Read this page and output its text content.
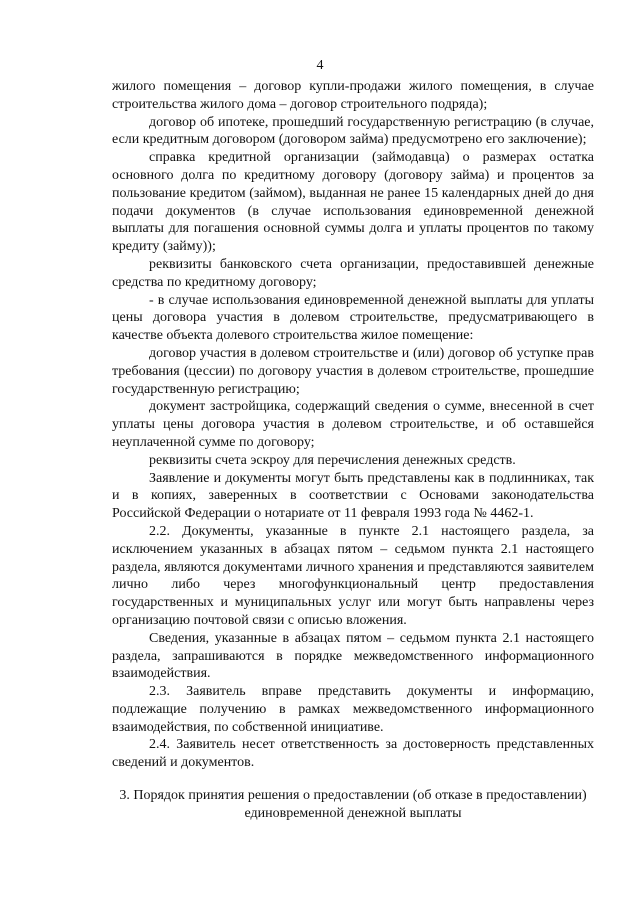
4

жилого помещения – договор купли-продажи жилого помещения, в случае строительства жилого дома – договор строительного подряда);

договор об ипотеке, прошедший государственную регистрацию (в случае, если кредитным договором (договором займа) предусмотрено его заключение);

справка кредитной организации (займодавца) о размерах остатка основного долга по кредитному договору (договору займа) и процентов за пользование кредитом (займом), выданная не ранее 15 календарных дней до дня подачи документов (в случае использования единовременной денежной выплаты для погашения основной суммы долга и уплаты процентов по такому кредиту (займу));

реквизиты банковского счета организации, предоставившей денежные средства по кредитному договору;

- в случае использования единовременной денежной выплаты для уплаты цены договора участия в долевом строительстве, предусматривающего в качестве объекта долевого строительства жилое помещение:

договор участия в долевом строительстве и (или) договор об уступке прав требования (цессии) по договору участия в долевом строительстве, прошедшие государственную регистрацию;

документ застройщика, содержащий сведения о сумме, внесенной в счет уплаты цены договора участия в долевом строительстве, и об оставшейся неуплаченной сумме по договору;

реквизиты счета эскроу для перечисления денежных средств.

Заявление и документы могут быть представлены как в подлинниках, так и в копиях, заверенных в соответствии с Основами законодательства Российской Федерации о нотариате от 11 февраля 1993 года № 4462-1.

2.2. Документы, указанные в пункте 2.1 настоящего раздела, за исключением указанных в абзацах пятом – седьмом пункта 2.1 настоящего раздела, являются документами личного хранения и представляются заявителем лично либо через многофункциональный центр предоставления государственных и муниципальных услуг или могут быть направлены через организацию почтовой связи с описью вложения.

Сведения, указанные в абзацах пятом – седьмом пункта 2.1 настоящего раздела, запрашиваются в порядке межведомственного информационного взаимодействия.

2.3. Заявитель вправе представить документы и информацию, подлежащие получению в рамках межведомственного информационного взаимодействия, по собственной инициативе.

2.4. Заявитель несет ответственность за достоверность представленных сведений и документов.

3. Порядок принятия решения о предоставлении (об отказе в предоставлении)
единовременной денежной выплаты
